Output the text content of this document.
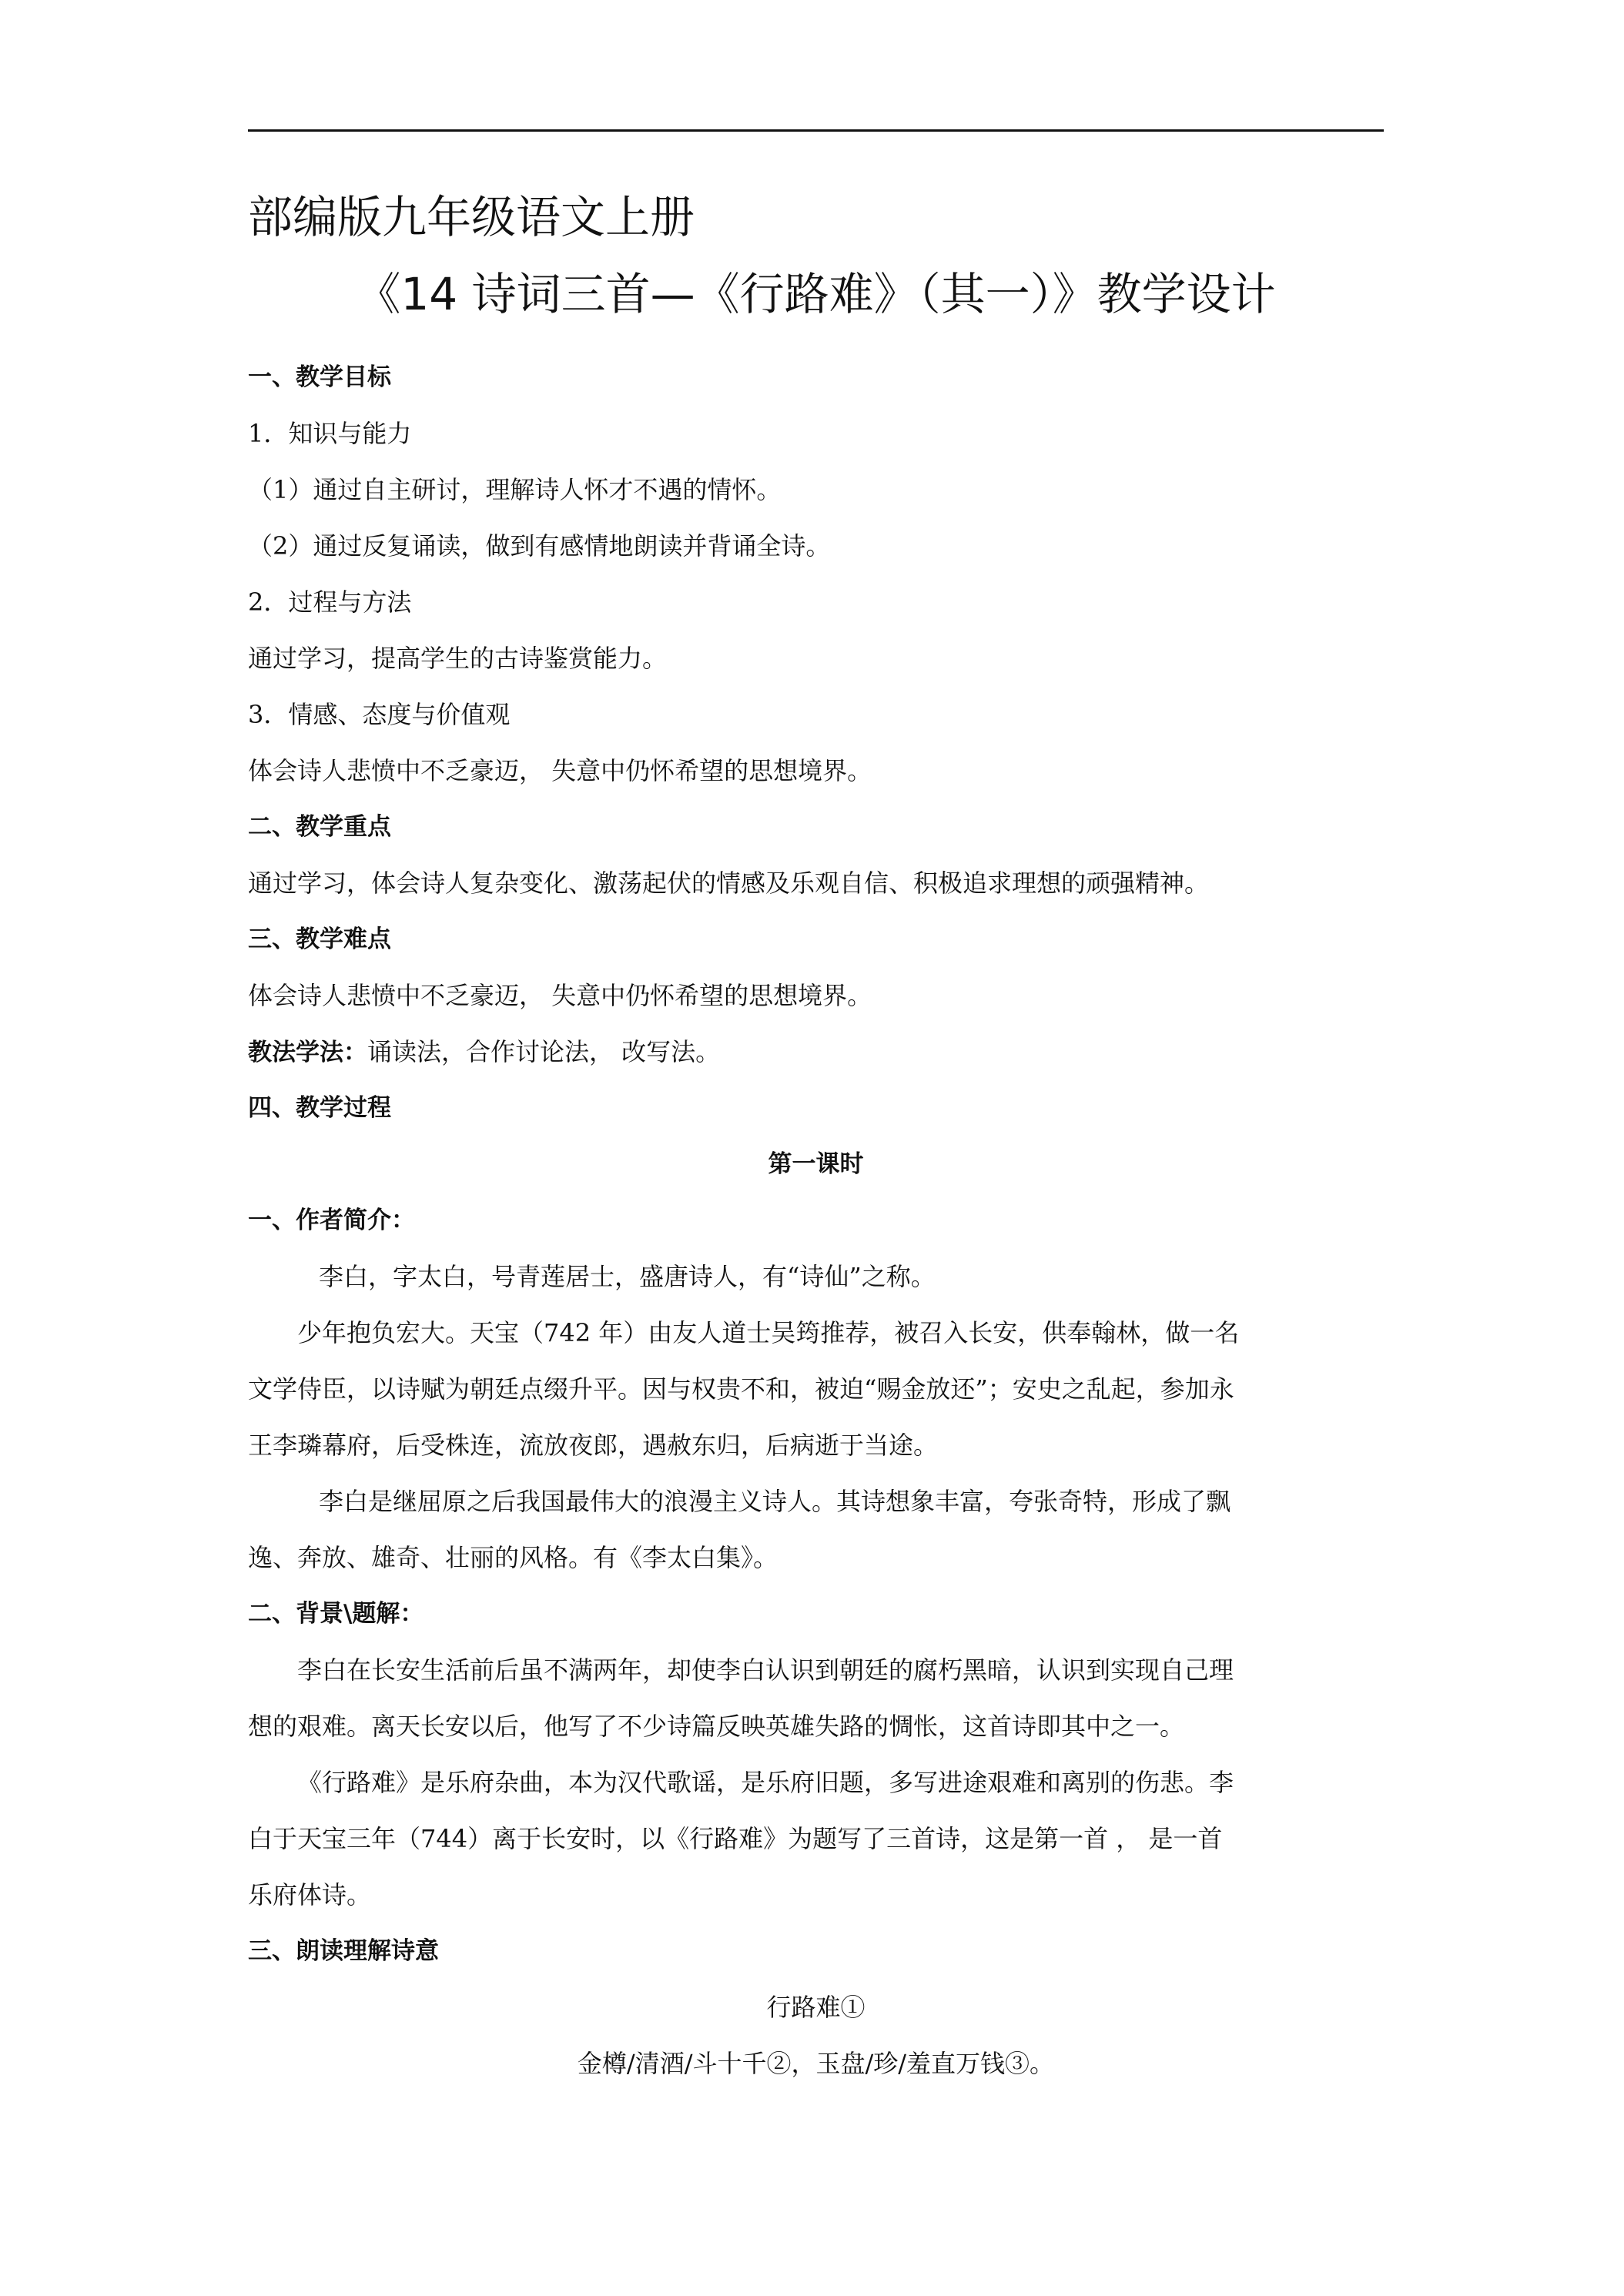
部编版九年级语文上册
《14 诗词三首—《行路难》（其一）》教学设计
一、教学目标
1．知识与能力
（1）通过自主研讨，理解诗人怀才不遇的情怀。
（2）通过反复诵读，做到有感情地朗读并背诵全诗。
2．过程与方法
通过学习，提高学生的古诗鉴赏能力。
3．情感、态度与价值观
体会诗人悲愤中不乏豪迈， 失意中仍怀希望的思想境界。
二、教学重点
通过学习，体会诗人复杂变化、激荡起伏的情感及乐观自信、积极追求理想的顽强精神。
三、教学难点
体会诗人悲愤中不乏豪迈， 失意中仍怀希望的思想境界。
教法学法：诵读法，合作讨论法， 改写法。
四、教学过程
第一课时
一、作者简介：
李白，字太白，号青莲居士，盛唐诗人，有“诗仙”之称。
少年抱负宏大。天宝（742 年）由友人道士吴筠推荐，被召入长安，供奉翰林，做一名
文学侍臣，以诗赋为朝廷点缀升平。因与权贵不和，被迫“赐金放还”；安史之乱起，参加永
王李璘幕府，后受株连，流放夜郎，遇赦东归，后病逝于当途。
李白是继屈原之后我国最伟大的浪漫主义诗人。其诗想象丰富，夸张奇特，形成了飘
逸、奔放、雄奇、壮丽的风格。有《李太白集》。
二、背景\题解：
李白在长安生活前后虽不满两年，却使李白认识到朝廷的腐朽黑暗，认识到实现自己理
想的艰难。离天长安以后，他写了不少诗篇反映英雄失路的惆怅，这首诗即其中之一。
《行路难》是乐府杂曲，本为汉代歌谣，是乐府旧题，多写进途艰难和离别的伤悲。李
白于天宝三年（744）离于长安时，以《行路难》为题写了三首诗，这是第一首 ， 是一首
乐府体诗。
三、朗读理解诗意
行路难①
金樽/清酒/斗十千②，玉盘/珍/羞直万钱③。
